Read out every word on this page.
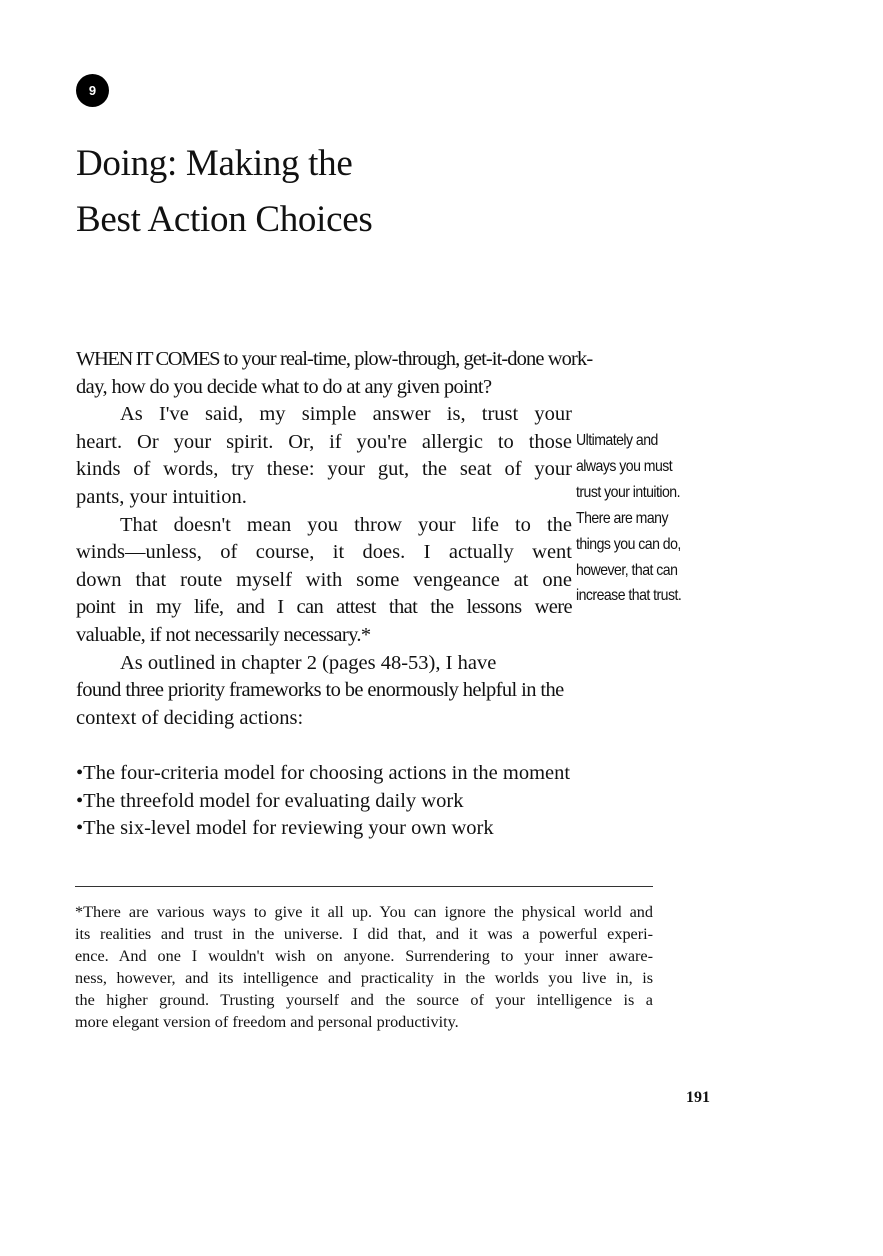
9
Doing: Making the
Best Action Choices
WHEN IT COMES to your real-time, plow-through, get-it-done work-
day, how do you decide what to do at any given point?
As I've said, my simple answer is, trust your
heart. Or your spirit. Or, if you're allergic to those
kinds of words, try these: your gut, the seat of your
pants, your intuition.
That doesn't mean you throw your life to the
winds—unless, of course, it does. I actually went
down that route myself with some vengeance at one
point in my life, and I can attest that the lessons were
valuable, if not necessarily necessary.*
As outlined in chapter 2 (pages 48-53), I have
found three priority frameworks to be enormously helpful in the
context of deciding actions:
•The four-criteria model for choosing actions in the moment
•The threefold model for evaluating daily work
•The six-level model for reviewing your own work
Ultimately and
always you must
trust your intuition.
There are many
things you can do,
however, that can
increase that trust.
*There are various ways to give it all up. You can ignore the physical world and
its realities and trust in the universe. I did that, and it was a powerful experi-
ence. And one I wouldn't wish on anyone. Surrendering to your inner aware-
ness, however, and its intelligence and practicality in the worlds you live in, is
the higher ground. Trusting yourself and the source of your intelligence is a
more elegant version of freedom and personal productivity.
191
